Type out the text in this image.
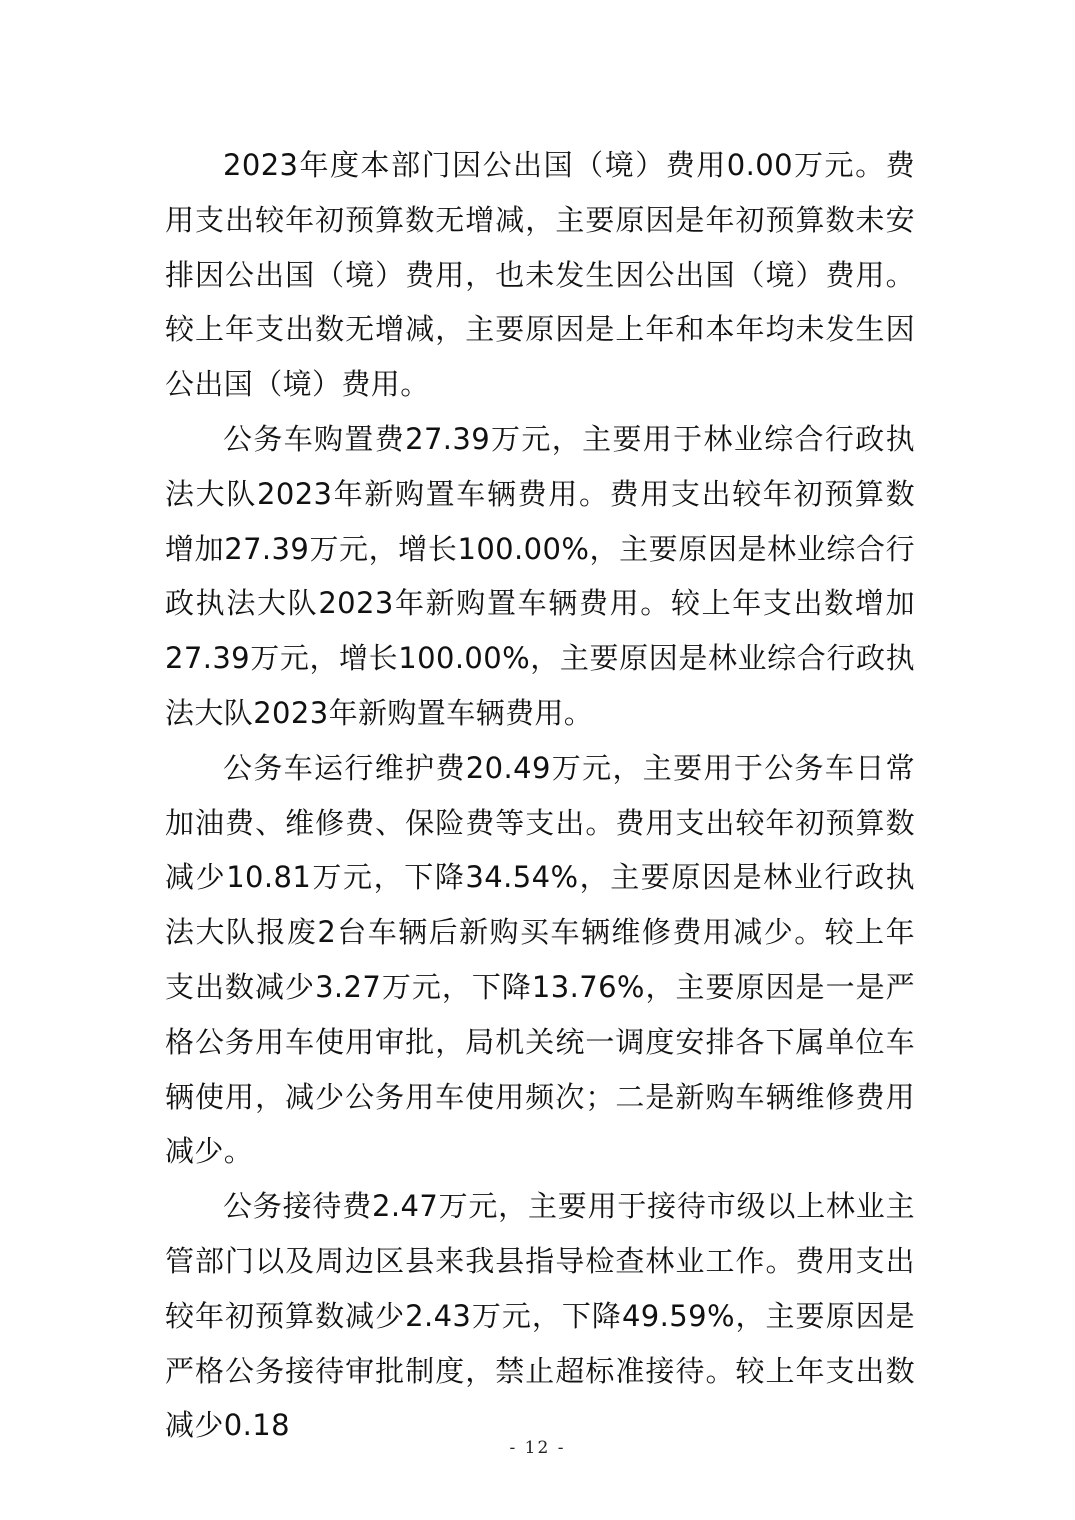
2023年度本部门因公出国（境）费用0.00万元。费用支出较年初预算数无增减，主要原因是年初预算数未安排因公出国（境）费用，也未发生因公出国（境）费用。较上年支出数无增减，主要原因是上年和本年均未发生因公出国（境）费用。

公务车购置费27.39万元，主要用于林业综合行政执法大队2023年新购置车辆费用。费用支出较年初预算数增加27.39万元，增长100.00%，主要原因是林业综合行政执法大队2023年新购置车辆费用。较上年支出数增加27.39万元，增长100.00%，主要原因是林业综合行政执法大队2023年新购置车辆费用。

公务车运行维护费20.49万元，主要用于公务车日常加油费、维修费、保险费等支出。费用支出较年初预算数减少10.81万元，下降34.54%，主要原因是林业行政执法大队报废2台车辆后新购买车辆维修费用减少。较上年支出数减少3.27万元，下降13.76%，主要原因是一是严格公务用车使用审批，局机关统一调度安排各下属单位车辆使用，减少公务用车使用频次；二是新购车辆维修费用减少。

公务接待费2.47万元，主要用于接待市级以上林业主管部门以及周边区县来我县指导检查林业工作。费用支出较年初预算数减少2.43万元，下降49.59%，主要原因是严格公务接待审批制度，禁止超标准接待。较上年支出数减少0.18

- 12 -
